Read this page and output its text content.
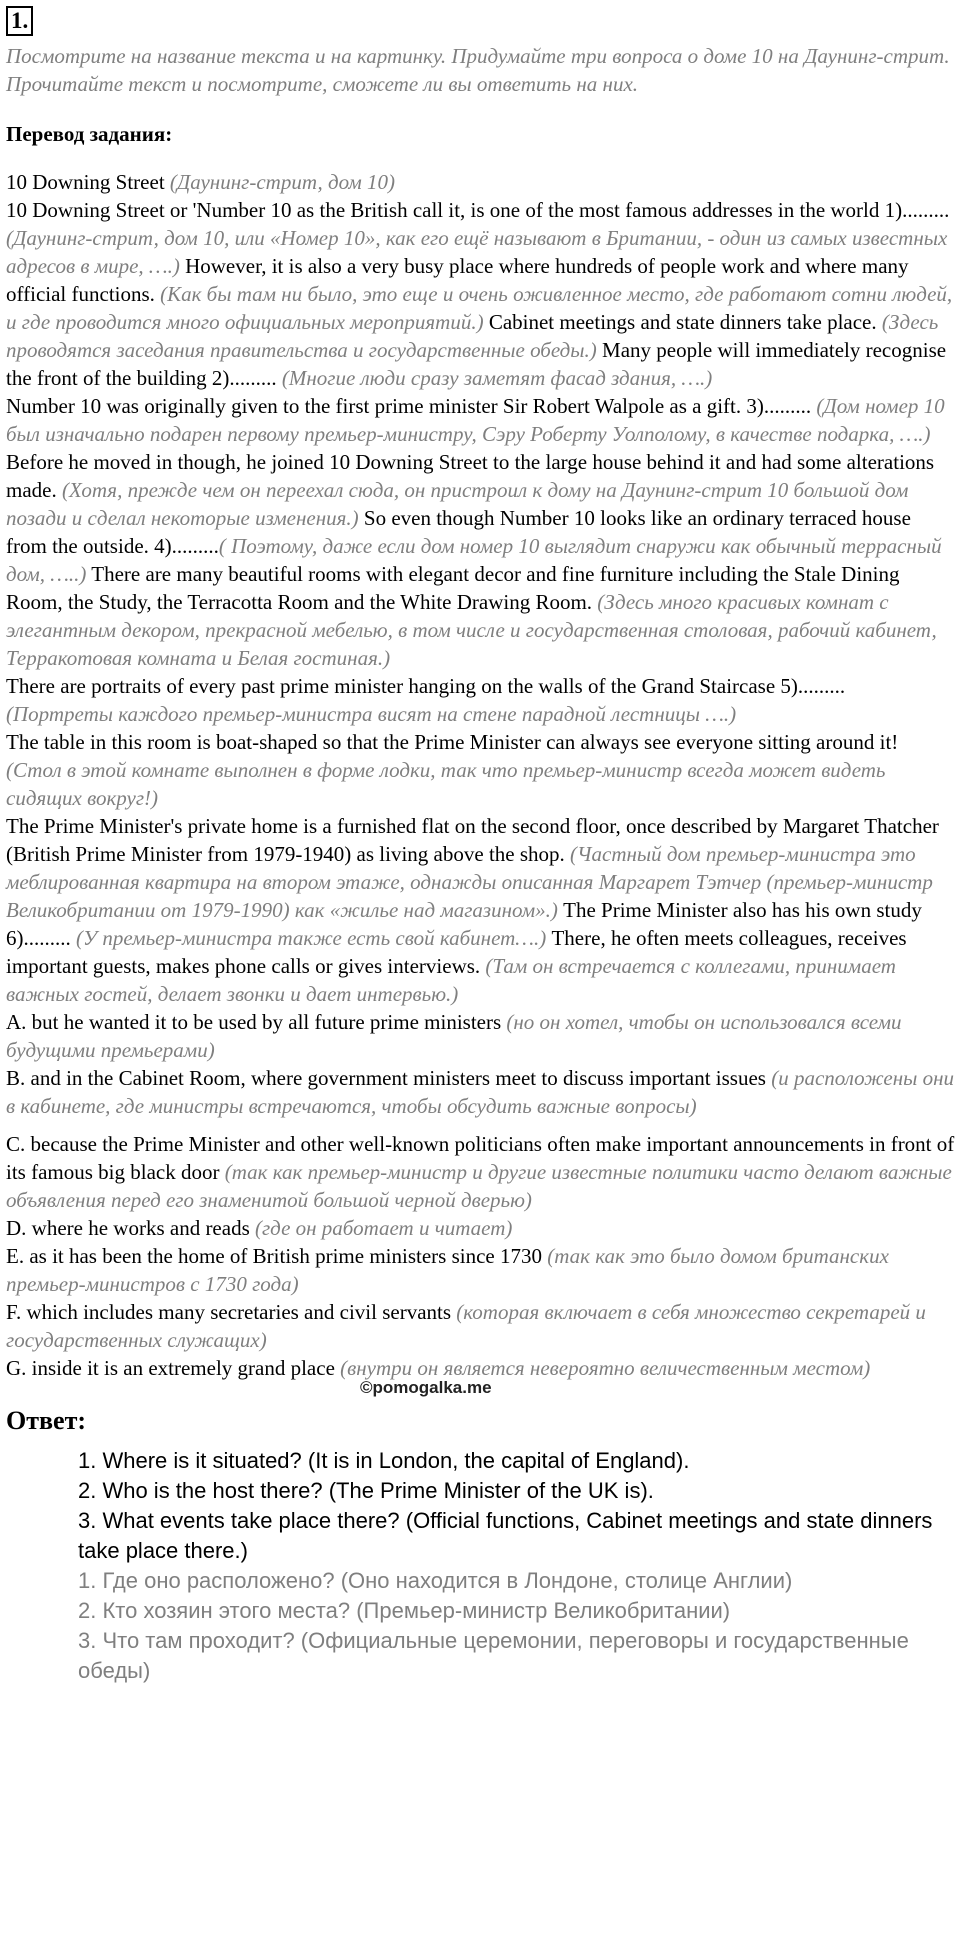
1.

Посмотрите на название текста и на картинку. Придумайте три вопроса о доме 10 на Даунинг-стрит. Прочитайте текст и посмотрите, сможете ли вы ответить на них.

Перевод задания:

10 Downing Street (Даунинг-стрит, дом 10)

10 Downing Street or 'Number 10 as the British call it, is one of the most famous addresses in the world 1)......... (Даунинг-стрит, дом 10, или «Номер 10», как его ещё называют в Британии, - один из самых известных адресов в мире, ….) However, it is also a very busy place where hundreds of people work and where many official functions. (Как бы там ни было, это еще и очень оживленное место, где работают сотни людей, и где проводится много официальных мероприятий.) Cabinet meetings and state dinners take place. (Здесь проводятся заседания правительства и государственные обеды.) Many people will immediately recognise the front of the building 2)......... (Многие люди сразу заметят фасад здания, ….)

Number 10 was originally given to the first prime minister Sir Robert Walpole as a gift. 3)......... (Дом номер 10 был изначально подарен первому премьер-министру, Сэру Роберту Уолполому, в качестве подарка, ….) Before he moved in though, he joined 10 Downing Street to the large house behind it and had some alterations made. (Хотя, прежде чем он переехал сюда, он пристроил к дому на Даунинг-стрит 10 большой дом позади и сделал некоторые изменения.) So even though Number 10 looks like an ordinary terraced house from the outside. 4).........( Поэтому, даже если дом номер 10 выглядит снаружи как обычный террасный дом, …..) There are many beautiful rooms with elegant decor and fine furniture including the Stale Dining Room, the Study, the Terracotta Room and the White Drawing Room. (Здесь много красивых комнат с элегантным декором, прекрасной мебелью, в том числе и государственная столовая, рабочий кабинет, Терракотовая комната и Белая гостиная.)

There are portraits of every past prime minister hanging on the walls of the Grand Staircase 5)......... (Портреты каждого премьер-министра висят на стене парадной лестницы ….)

The table in this room is boat-shaped so that the Prime Minister can always see everyone sitting around it! (Стол в этой комнате выполнен в форме лодки, так что премьер-министр всегда может видеть сидящих вокруг!)

The Prime Minister's private home is a furnished flat on the second floor, once described by Margaret Thatcher (British Prime Minister from 1979-1940) as living above the shop. (Частный дом премьер-министра это меблированная квартира на втором этаже, однажды описанная Маргарет Тэтчер (премьер-министр Великобритании от 1979-1990) как «жилье над магазином».) The Prime Minister also has his own study 6)......... (У премьер-министра также есть свой кабинет….) There, he often meets colleagues, receives important guests, makes phone calls or gives interviews. (Там он встречается с коллегами, принимает важных гостей, делает звонки и дает интервью.)

A. but he wanted it to be used by all future prime ministers (но он хотел, чтобы он использовался всеми будущими премьерами)

B. and in the Cabinet Room, where government ministers meet to discuss important issues (и расположены они в кабинете, где министры встречаются, чтобы обсудить важные вопросы)

C. because the Prime Minister and other well-known politicians often make important announcements in front of its famous big black door (так как премьер-министр и другие известные политики часто делают важные объявления перед его знаменитой большой черной дверью)

D. where he works and reads (где он работает и читает)

E. as it has been the home of British prime ministers since 1730 (так как это было домом британских премьер-министров с 1730 года)

F. which includes many secretaries and civil servants (которая включает в себя множество секретарей и государственных служащих)

G. inside it is an extremely grand place (внутри он является невероятно величественным местом)

Ответ:

1. Where is it situated? (It is in London, the capital of England).

2. Who is the host there? (The Prime Minister of the UK is).

3. What events take place there? (Official functions, Cabinet meetings and state dinners take place there.)

1. Где оно расположено? (Оно находится в Лондоне, столице Англии)

2. Кто хозяин этого места? (Премьер-министр Великобритании)

3. Что там проходит? (Официальные церемонии, переговоры и государственные обеды)

©pomogalka.me
